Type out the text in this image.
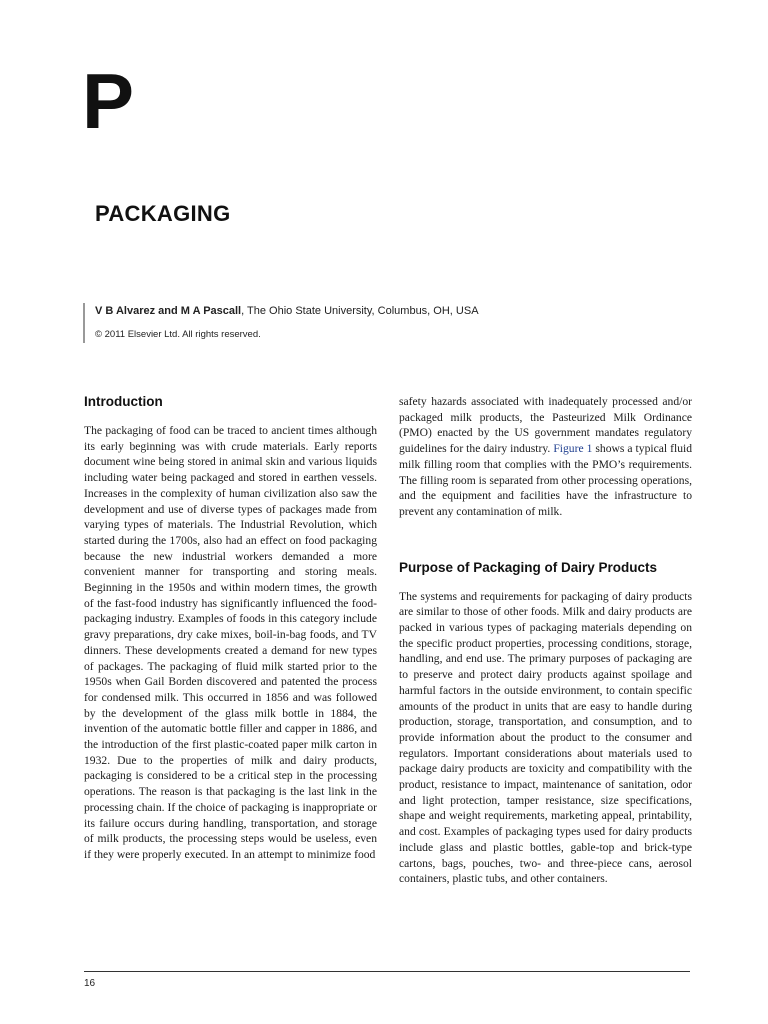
P
PACKAGING
V B Alvarez and M A Pascall, The Ohio State University, Columbus, OH, USA
© 2011 Elsevier Ltd. All rights reserved.
Introduction

The packaging of food can be traced to ancient times although its early beginning was with crude materials. Early reports document wine being stored in animal skin and various liquids including water being packaged and stored in earthen vessels. Increases in the complexity of human civilization also saw the development and use of diverse types of packages made from varying types of materials. The Industrial Revolution, which started during the 1700s, also had an effect on food packaging because the new industrial workers demanded a more convenient manner for transporting and storing meals. Beginning in the 1950s and within modern times, the growth of the fast-food industry has significantly influenced the food-packaging industry. Examples of foods in this category include gravy preparations, dry cake mixes, boil-in-bag foods, and TV dinners. These developments created a demand for new types of packages. The packaging of fluid milk started prior to the 1950s when Gail Borden discovered and patented the process for condensed milk. This occurred in 1856 and was followed by the development of the glass milk bottle in 1884, the invention of the automatic bottle filler and capper in 1886, and the introduction of the first plastic-coated paper milk carton in 1932. Due to the properties of milk and dairy products, packaging is considered to be a critical step in the processing operations. The reason is that packaging is the last link in the processing chain. If the choice of packaging is inappropriate or its failure occurs during handling, transportation, and storage of milk products, the processing steps would be useless, even if they were properly executed. In an attempt to minimize food

safety hazards associated with inadequately processed and/or packaged milk products, the Pasteurized Milk Ordinance (PMO) enacted by the US government mandates regulatory guidelines for the dairy industry. Figure 1 shows a typical fluid milk filling room that complies with the PMO’s requirements. The filling room is separated from other processing operations, and the equipment and facilities have the infrastructure to prevent any contamination of milk.

Purpose of Packaging of Dairy Products

The systems and requirements for packaging of dairy products are similar to those of other foods. Milk and dairy products are packed in various types of packaging materials depending on the specific product properties, processing conditions, storage, handling, and end use. The primary purposes of packaging are to preserve and protect dairy products against spoilage and harmful factors in the outside environment, to contain specific amounts of the product in units that are easy to handle during production, storage, transportation, and consumption, and to provide information about the product to the consumer and regulators. Important considerations about materials used to package dairy products are toxicity and compatibility with the product, resistance to impact, maintenance of sanitation, odor and light protection, tamper resistance, size specifications, shape and weight requirements, marketing appeal, printability, and cost. Examples of packaging types used for dairy products include glass and plastic bottles, gable-top and brick-type cartons, bags, pouches, two- and three-piece cans, aerosol containers, plastic tubs, and other containers.

16
